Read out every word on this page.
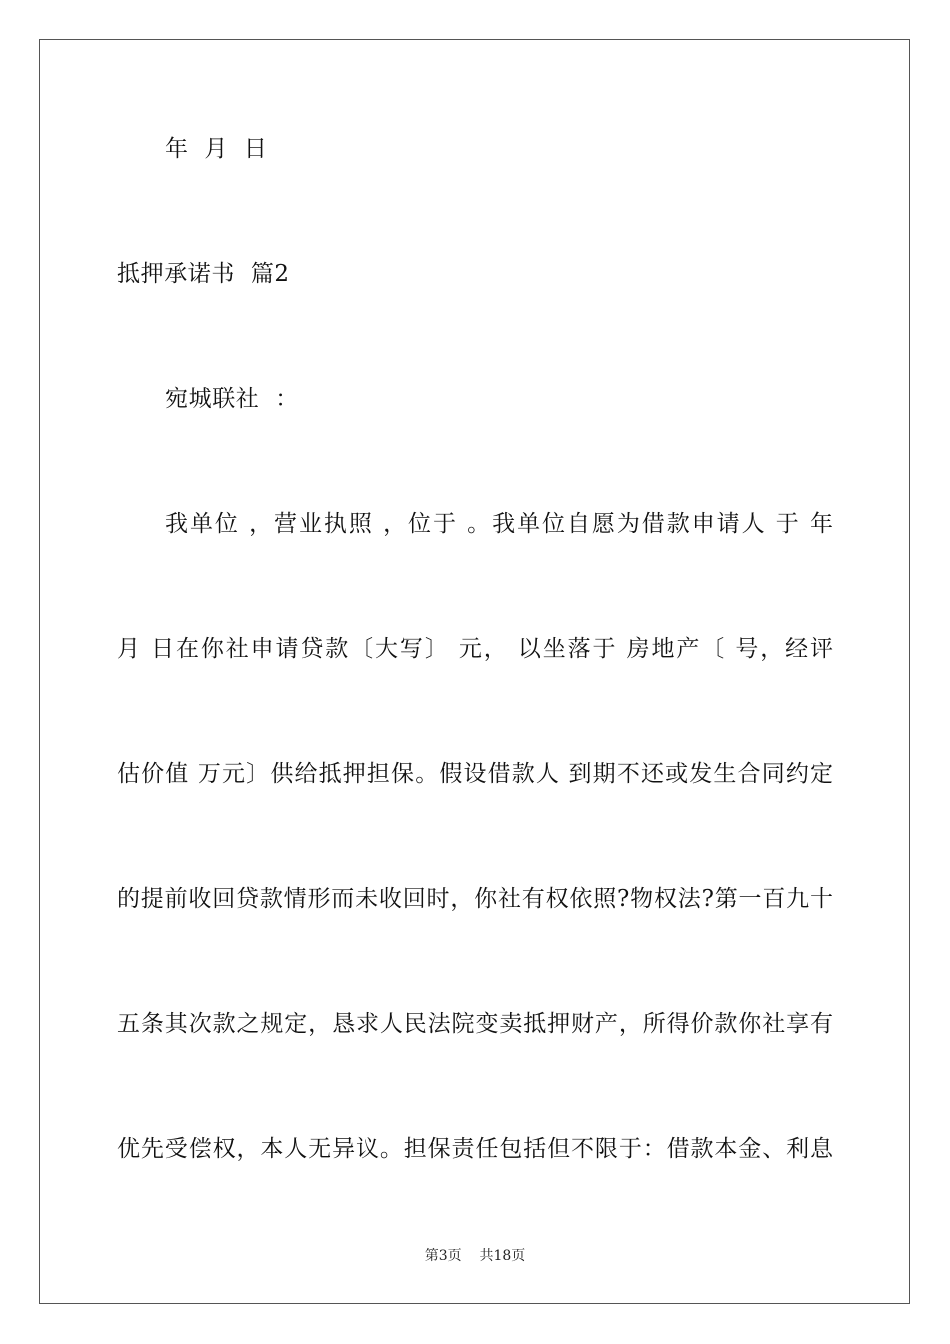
年  月  日
抵押承诺书  篇2
宛城联社  ：
我单位 ，营业执照 ，位于 。我单位自愿为借款申请人 于 年
月 日在你社申请贷款〔大写〕 元， 以坐落于 房地产〔 号，经评
估价值 万元〕供给抵押担保。假设借款人 到期不还或发生合同约定
的提前收回贷款情形而未收回时，你社有权依照?物权法?第一百九十
五条其次款之规定，恳求人民法院变卖抵押财产，所得价款你社享有
优先受偿权，本人无异议。担保责任包括但不限于：借款本金、利息
第3页    共18页
